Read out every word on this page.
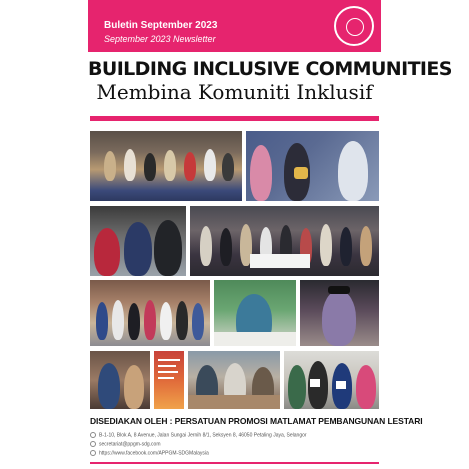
Buletin September 2023
September 2023 Newsletter
BUILDING INCLUSIVE COMMUNITIES
Membina Komuniti Inklusif
DISEDIAKAN OLEH : PERSATUAN PROMOSI MATLAMAT PEMBANGUNAN LESTARI
B-1-10, Blok A, 8 Avenue, Jalan Sungai Jernih 8/1, Seksyen 8, 46050 Petaling Jaya, Selangor
secretariat@ppgm-sdg.com
https://www.facebook.com/APPGM-SDGMalaysia
